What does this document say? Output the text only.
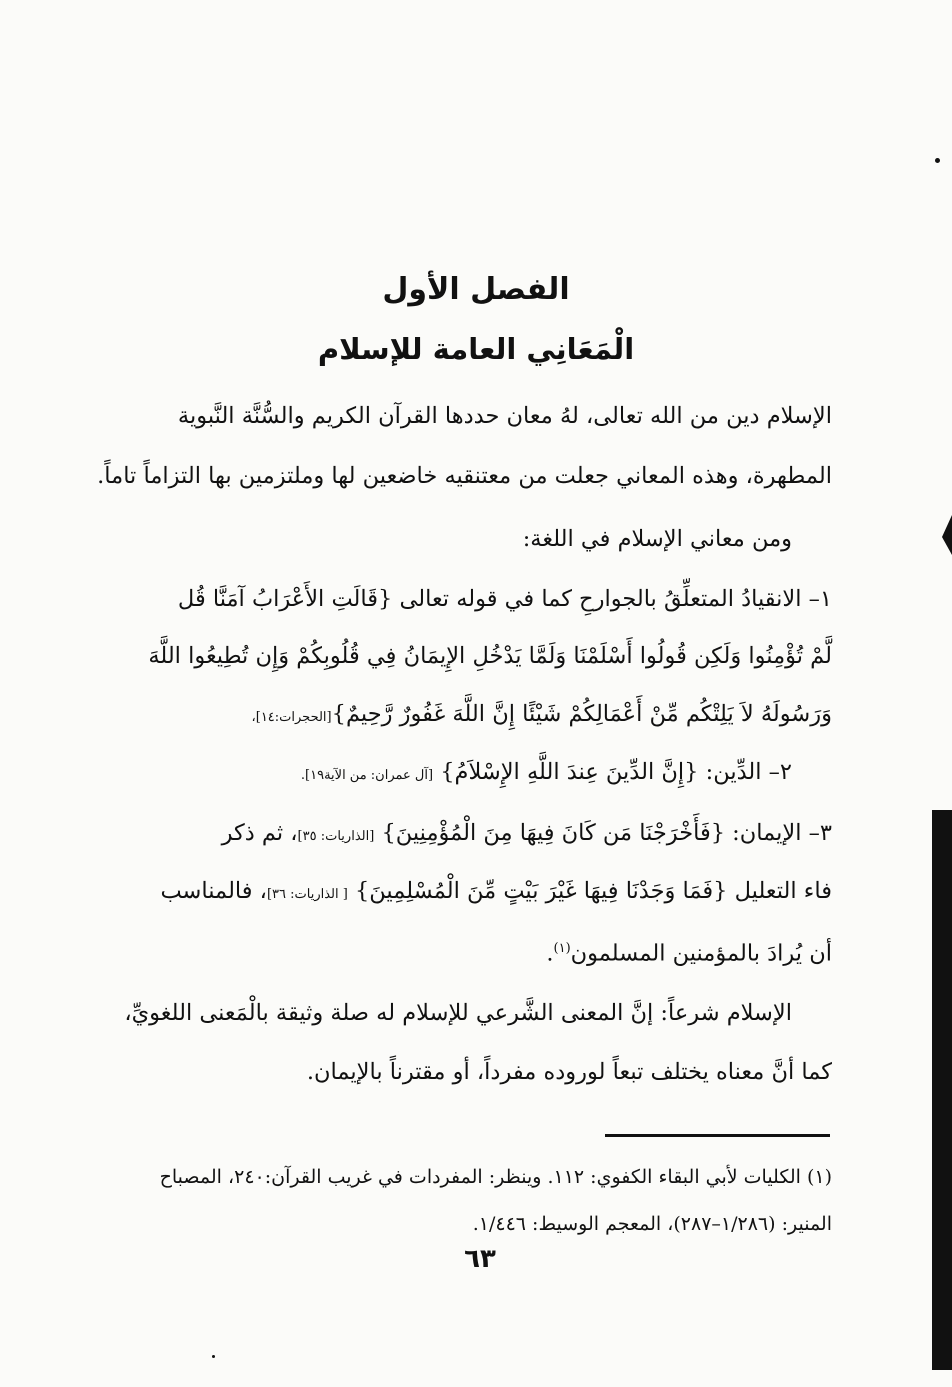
الفصل الأول
الْمَعَانِي العامة للإسلام
الإسلام دين من الله تعالى، لهُ معان حددها القرآن الكريم والسُّنَّة النَّبوية
المطهرة، وهذه المعاني جعلت من معتنقيه خاضعين لها وملتزمين بها التزاماً تاماً.
ومن معاني الإسلام في اللغة:
١– الانقيادُ المتعلِّقُ بالجوارحِ كما في قوله تعالى {قَالَتِ الأَعْرَابُ آمَنَّا قُل
لَّمْ تُؤْمِنُوا وَلَكِن قُولُوا أَسْلَمْنَا وَلَمَّا يَدْخُلِ الإِيمَانُ فِي قُلُوبِكُمْ وَإِن تُطِيعُوا اللَّهَ
وَرَسُولَهُ لاَ يَلِتْكُم مِّنْ أَعْمَالِكُمْ شَيْئًا إِنَّ اللَّهَ غَفُورٌ رَّحِيمٌ}[الحجرات:١٤]،
٢– الدِّين: {إِنَّ الدِّينَ عِندَ اللَّهِ الإِسْلاَمُ} [آل عمران: من الآية١٩].
٣– الإيمان: {فَأَخْرَجْنَا مَن كَانَ فِيهَا مِنَ الْمُؤْمِنِينَ} [الذاريات: ٣٥]، ثم ذكر
فاء التعليل {فَمَا وَجَدْنَا فِيهَا غَيْرَ بَيْتٍ مِّنَ الْمُسْلِمِينَ} [ الذاريات: ٣٦]، فالمناسب
أن يُرادَ بالمؤمنين المسلمون$^{(١)}$.
الإسلام شرعاً: إنَّ المعنى الشَّرعي للإسلام له صلة وثيقة بالْمَعنى اللغويِّ،
كما أنَّ معناه يختلف تبعاً لوروده مفرداً، أو مقترناً بالإيمان.
(١) الكليات لأبي البقاء الكفوي: ١١٢. وينظر: المفردات في غريب القرآن:٢٤٠، المصباح
المنير: (١/٢٨٦–٢٨٧)، المعجم الوسيط: ١/٤٤٦.
٦٣
